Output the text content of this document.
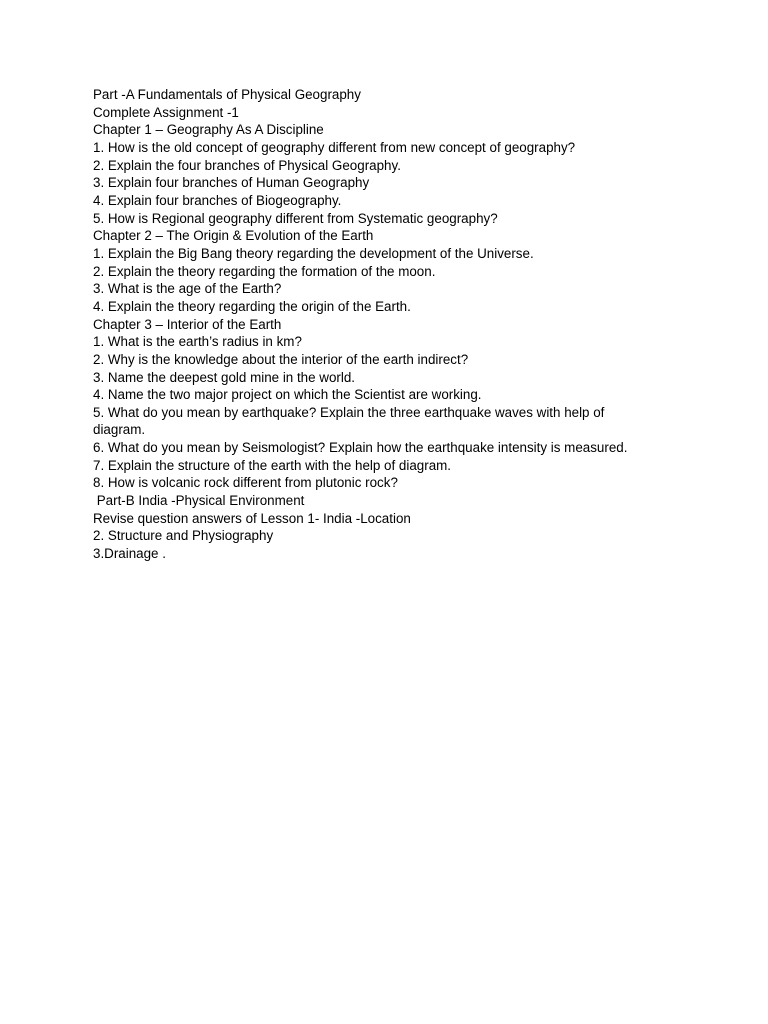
Part -A Fundamentals of Physical Geography
Complete Assignment -1
Chapter 1 – Geography As A Discipline
1. How is the old concept of geography different from new concept of geography?
2. Explain the four branches of Physical Geography.
3. Explain four branches of Human Geography
4. Explain four branches of Biogeography.
5. How is Regional geography different from Systematic geography?
Chapter 2 – The Origin & Evolution of the Earth
1. Explain the Big Bang theory regarding the development of the Universe.
2. Explain the theory regarding the formation of the moon.
3. What is the age of the Earth?
4. Explain the theory regarding the origin of the Earth.
Chapter 3 – Interior of the Earth
1. What is the earth’s radius in km?
2. Why is the knowledge about the interior of the earth indirect?
3. Name the deepest gold mine in the world.
4. Name the two major project on which the Scientist are working.
5. What do you mean by earthquake? Explain the three earthquake waves with help of
diagram.
6. What do you mean by Seismologist? Explain how the earthquake intensity is measured.
7. Explain the structure of the earth with the help of diagram.
8. How is volcanic rock different from plutonic rock?
Part-B India -Physical Environment
Revise question answers of Lesson 1- India -Location
2. Structure and Physiography
3.Drainage .
